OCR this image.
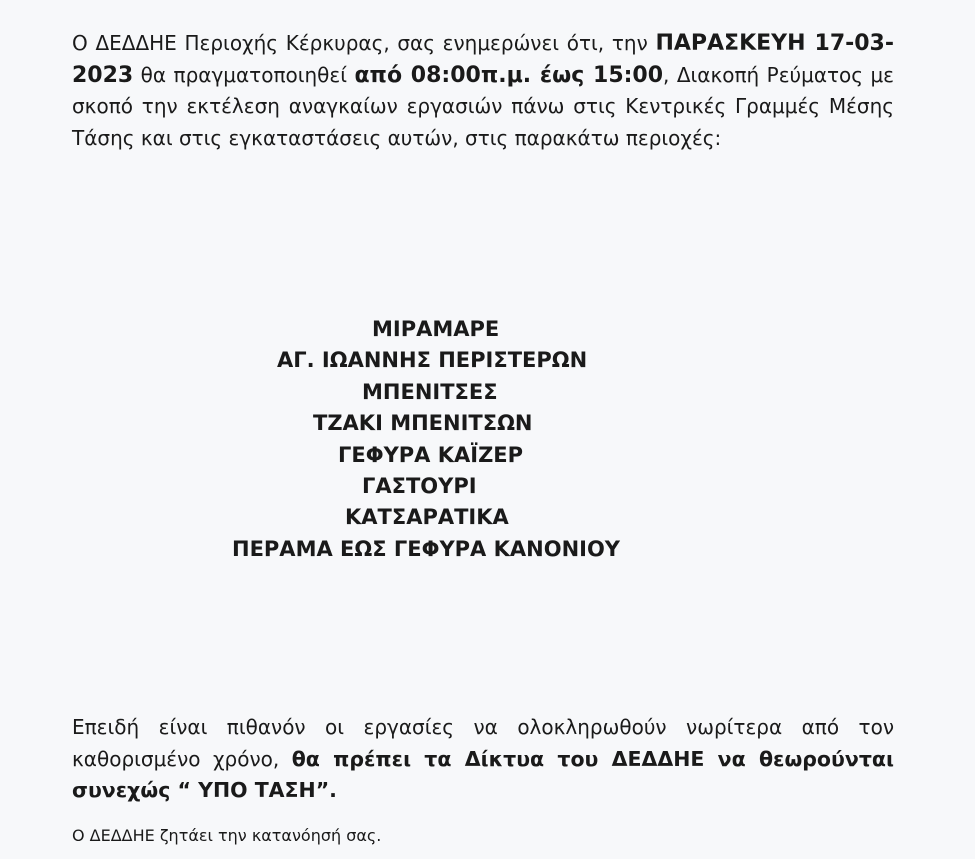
Ο ΔΕΔΔΗΕ Περιοχής Κέρκυρας, σας ενημερώνει ότι, την ΠΑΡΑΣΚΕΥΗ 17-03-2023 θα πραγματοποιηθεί από 08:00π.μ. έως 15:00, Διακοπή Ρεύματος με σκοπό την εκτέλεση αναγκαίων εργασιών πάνω στις Κεντρικές Γραμμές Μέσης Τάσης και στις εγκαταστάσεις αυτών, στις παρακάτω περιοχές:

ΜΙΡΑΜΑΡΕ

ΑΓ. ΙΩΑΝΝΗΣ ΠΕΡΙΣΤΕΡΩΝ

ΜΠΕΝΙΤΣΕΣ

ΤΖΑΚΙ ΜΠΕΝΙΤΣΩΝ

ΓΕΦΥΡΑ ΚΑΪΖΕΡ

ΓΑΣΤΟΥΡΙ

ΚΑΤΣΑΡΑΤΙΚΑ

ΠΕΡΑΜΑ ΕΩΣ ΓΕΦΥΡΑ ΚΑΝΟΝΙΟΥ

Επειδή είναι πιθανόν οι εργασίες να ολοκληρωθούν νωρίτερα από τον καθορισμένο χρόνο, θα πρέπει τα Δίκτυα του ΔΕΔΔΗΕ να θεωρούνται συνεχώς “ ΥΠΟ ΤΑΣΗ”.

Ο ΔΕΔΔΗΕ ζητάει την κατανόησή σας.
